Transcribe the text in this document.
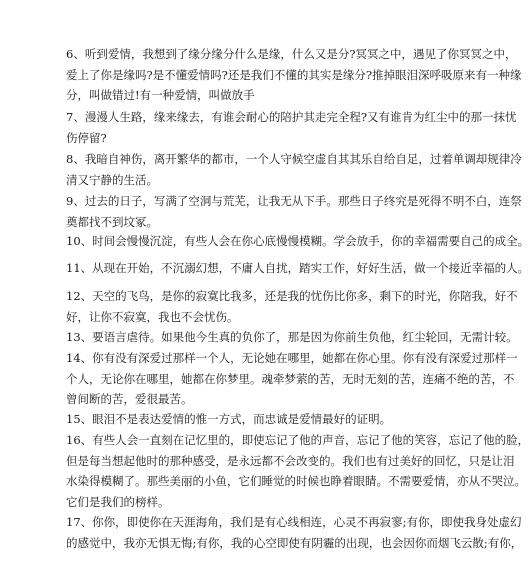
6、听到爱情，我想到了缘分缘分什么是缘，什么又是分?冥冥之中，遇见了你冥冥之中，
爱上了你是缘吗?是不懂爱情吗?还是我们不懂的其实是缘分?推掉眼泪深呼吸原来有一种缘
分，叫做错过!有一种爱情，叫做放手
7、漫漫人生路，缘来缘去，有谁会耐心的陪护其走完全程?又有谁肯为红尘中的那一抹忧
伤停留?
8、我暗自神伤，离开繁华的都市，一个人守候空虚自其其乐自给自足，过着单调却规律冷
清又宁静的生活。
9、过去的日子，写满了空洞与荒芜，让我无从下手。那些日子终究是死得不明不白，连祭
奠都找不到坟冢。
10、时间会慢慢沉淀，有些人会在你心底慢慢模糊。学会放手，你的幸福需要自己的成全。
11、从现在开始，不沉溺幻想，不庸人自扰，踏实工作，好好生活，做一个接近幸福的人。
12、天空的飞鸟，是你的寂寞比我多，还是我的忧伤比你多，剩下的时光，你陪我，好不
好，让你不寂寞，我也不会忧伤。
13、要语言虐待。如果他今生真的负你了，那是因为你前生负他，红尘轮回，无需计较。
14、你有没有深爱过那样一个人，无论她在哪里，她都在你心里。你有没有深爱过那样一
个人，无论你在哪里，她都在你梦里。魂牵梦萦的苦，无时无刻的苦，连痛不绝的苦，不
曾间断的苦，爱很最苦。
15、眼泪不是表达爱情的惟一方式，而忠诚是爱情最好的证明。
16、有些人会一直刻在记忆里的，即使忘记了他的声音，忘记了他的笑容，忘记了他的脸，
但是每当想起他时的那种感受，是永远都不会改变的。我们也有过美好的回忆，只是让泪
水染得模糊了。那些美丽的小鱼，它们睡觉的时候也睁着眼睛。不需要爱情，亦从不哭泣。
它们是我们的榜样。
17、你你，即使你在天涯海角，我们是有心线相连，心灵不再寂寥;有你，即使我身处虚幻
的感觉中，我亦无惧无悔;有你，我的心空即使有阴霾的出现，也会因你而烟飞云散;有你，
